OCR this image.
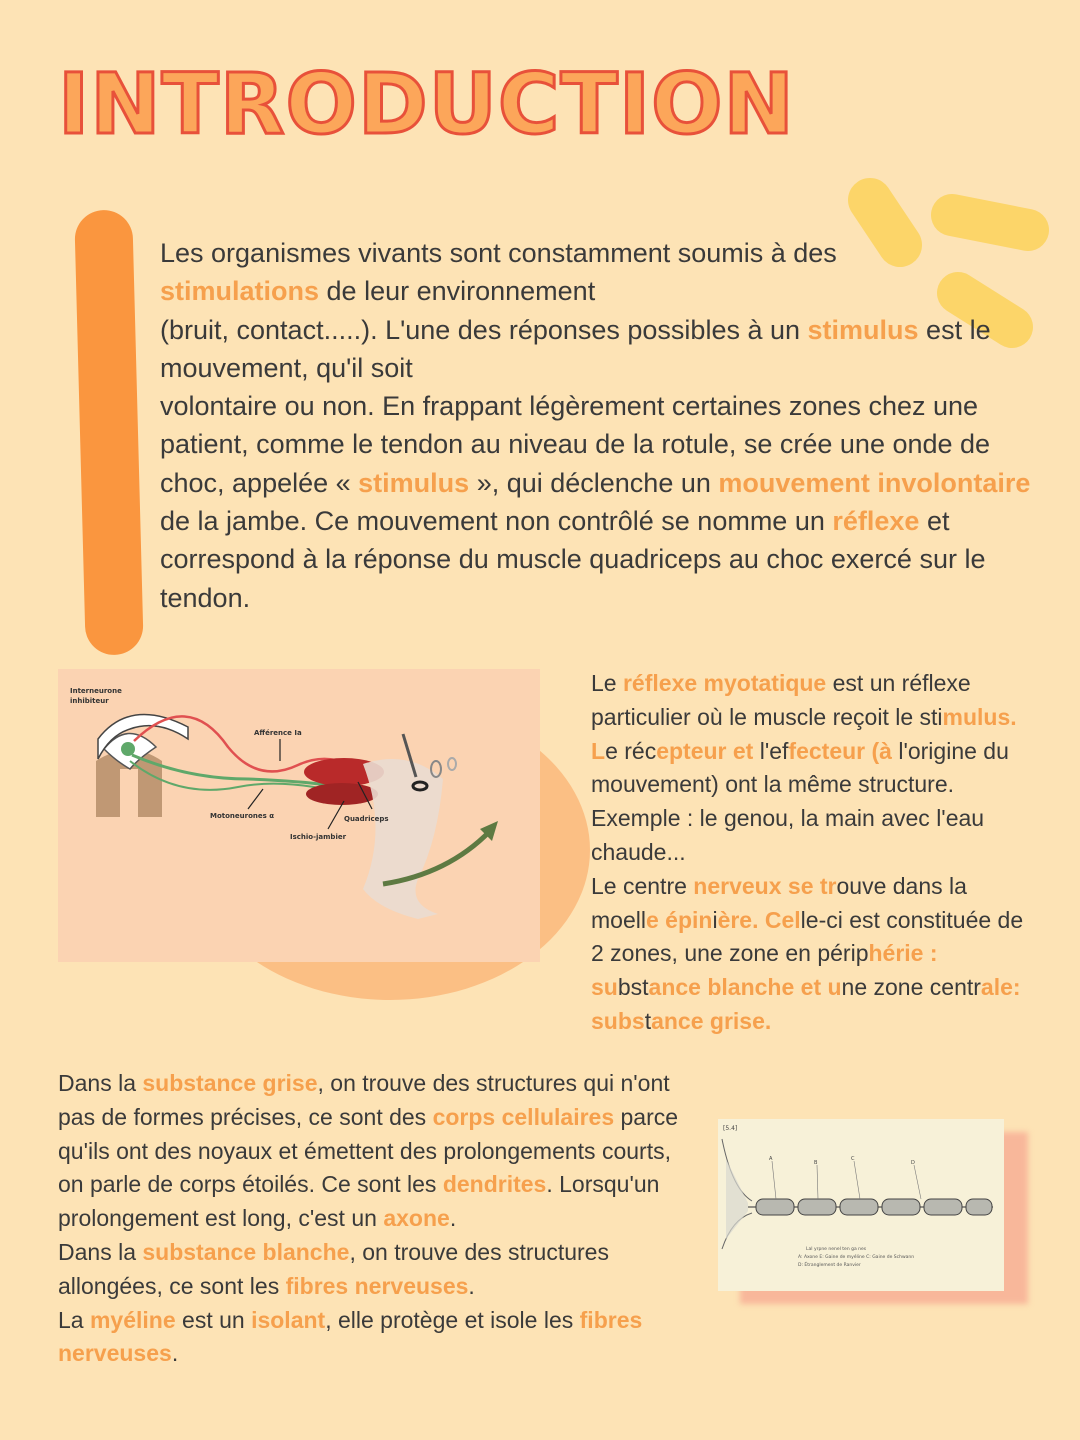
INTRODUCTION

Les organismes vivants sont constamment soumis à des
stimulations de leur environnement

(bruit, contact.....). L'une des réponses possibles à un stimulus est le mouvement, qu'il soit

volontaire ou non. En frappant légèrement certaines zones chez une patient, comme le tendon au niveau de la rotule, se crée une onde de choc, appelée « stimulus », qui déclenche un mouvement involontaire de la jambe. Ce mouvement non contrôlé se nomme un réflexe et correspond à la réponse du muscle quadriceps au choc exercé sur le tendon.

Interneurone
inhibiteur
Afférence Ia
Motoneurones α	Quadriceps
Ischio-jambier

Le réflexe myotatique est un réflexe particulier où le muscle reçoit le stimulus. Le récepteur et l'effecteur (à l'origine du mouvement) ont la même structure. Exemple : le genou, la main avec l'eau chaude...

Le centre nerveux se trouve dans la moelle épinière. Celle-ci est constituée de 2 zones, une zone en périphérie : substance blanche et une zone centrale: substance grise.

Dans la substance grise, on trouve des structures qui n'ont pas de formes précises, ce sont des corps cellulaires parce qu'ils ont des noyaux et émettent des prolongements courts, on parle de corps étoilés. Ce sont les dendrites. Lorsqu'un prolongement est long, c'est un axone.

Dans la substance blanche, on trouve des structures allongées, ce sont les fibres nerveuses.

La myéline est un isolant, elle protège et isole les fibres nerveuses.

[5.4]
A
B
C
D
Lal yrpne nenel ten ga nes
A: Axone E: Gaine de myéline C: Gaine de Schwann
D: Étranglement de Ranvier
